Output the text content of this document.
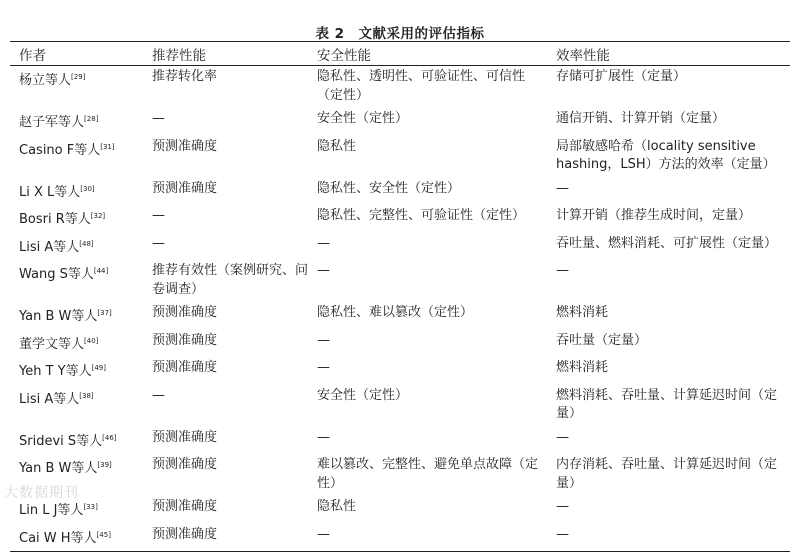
表 2　文献采用的评估指标
作者	推荐性能	安全性能	效率性能
杨立等人[29]	推荐转化率	隐私性、透明性、可验证性、可信性（定性）	存储可扩展性（定量）
赵子军等人[28]	—	安全性（定性）	通信开销、计算开销（定量）
Casino F等人[31]	预测准确度	隐私性	局部敏感哈希（locality sensitive hashing，LSH）方法的效率（定量）
Li X L等人[30]	预测准确度	隐私性、安全性（定性）	—
Bosri R等人[32]	—	隐私性、完整性、可验证性（定性）	计算开销（推荐生成时间，定量）
Lisi A等人[48]	—	—	吞吐量、燃料消耗、可扩展性（定量）
Wang S等人[44]	推荐有效性（案例研究、问卷调查）	—	—
Yan B W等人[37]	预测准确度	隐私性、难以篡改（定性）	燃料消耗
董学文等人[40]	预测准确度	—	吞吐量（定量）
Yeh T Y等人[49]	预测准确度	—	燃料消耗
Lisi A等人[38]	—	安全性（定性）	燃料消耗、吞吐量、计算延迟时间（定量）
Sridevi S等人[46]	预测准确度	—	—
Yan B W等人[39]	预测准确度	难以篡改、完整性、避免单点故障（定性）	内存消耗、吞吐量、计算延迟时间（定量）
Lin L J等人[33]	预测准确度	隐私性	—
Cai W H等人[45]	预测准确度	—	—
大数据期刊
